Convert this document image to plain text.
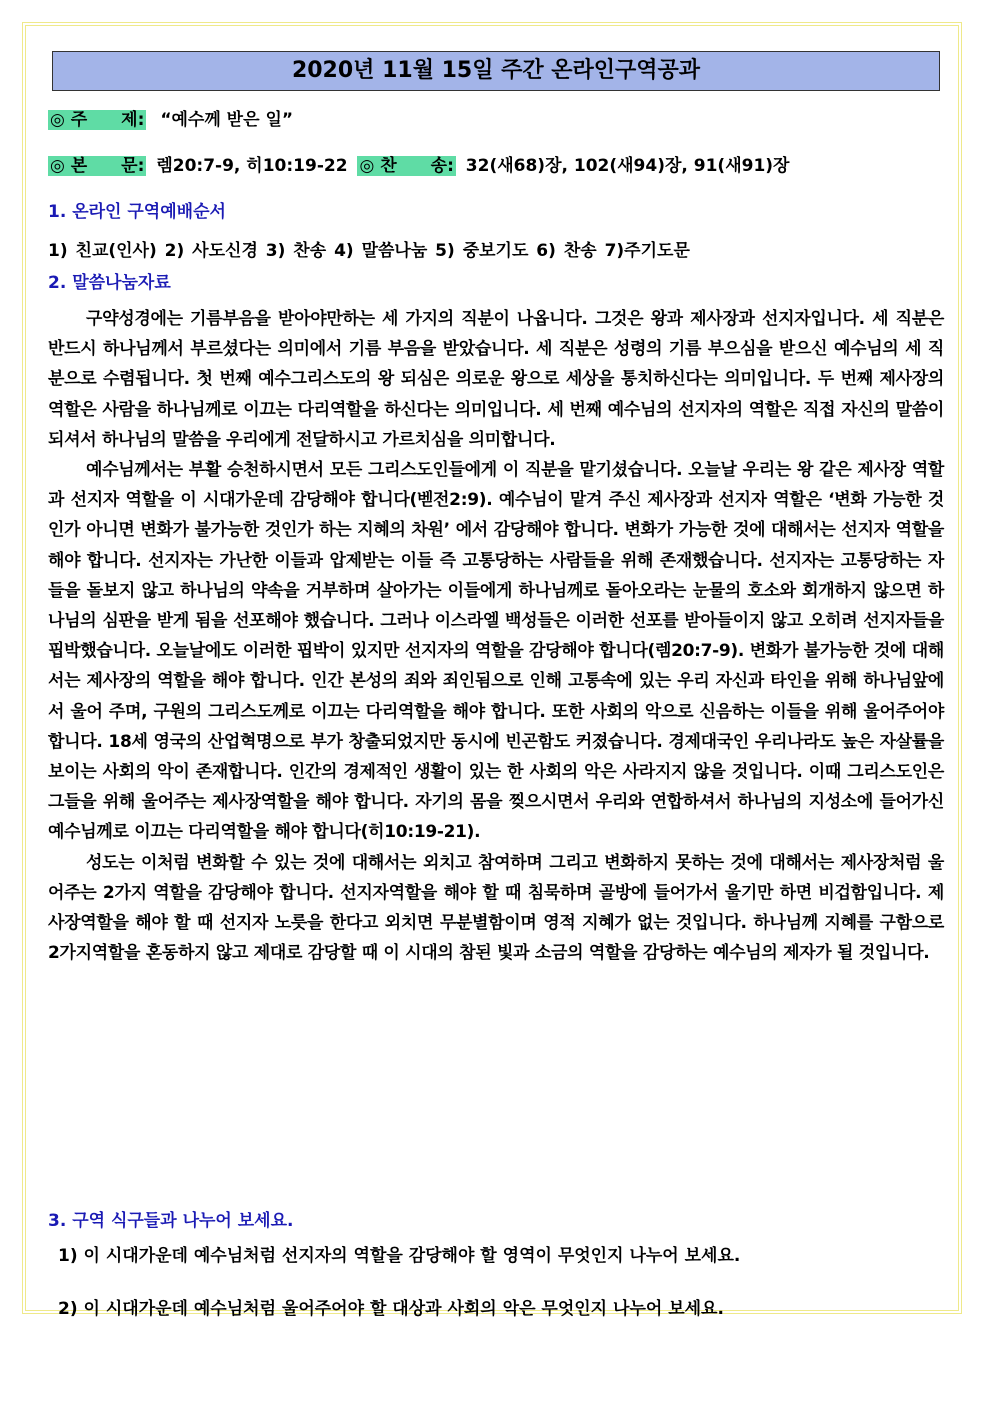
2020년 11월 15일 주간 온라인구역공과
◎ 주　　제: “예수께 받은 일”
◎ 본　　문: 렘20:7-9, 히10:19-22 ◎ 찬　　송: 32(새68)장, 102(새94)장, 91(새91)장
1. 온라인 구역예배순서
1) 친교(인사) 2) 사도신경 3) 찬송 4) 말씀나눔 5) 중보기도 6) 찬송 7)주기도문
2. 말씀나눔자료

구약성경에는 기름부음을 받아야만하는 세 가지의 직분이 나옵니다. 그것은 왕과 제사장과 선지자입니다. 세 직분은 반드시 하나님께서 부르셨다는 의미에서 기름 부음을 받았습니다. 세 직분은 성령의 기름 부으심을 받으신 예수님의 세 직분으로 수렴됩니다. 첫 번째 예수그리스도의 왕 되심은 의로운 왕으로 세상을 통치하신다는 의미입니다. 두 번째 제사장의 역할은 사람을 하나님께로 이끄는 다리역할을 하신다는 의미입니다. 세 번째 예수님의 선지자의 역할은 직접 자신의 말씀이 되셔서 하나님의 말씀을 우리에게 전달하시고 가르치심을 의미합니다.

예수님께서는 부활 승천하시면서 모든 그리스도인들에게 이 직분을 맡기셨습니다. 오늘날 우리는 왕 같은 제사장 역할과 선지자 역할을 이 시대가운데 감당해야 합니다(벧전2:9). 예수님이 맡겨 주신 제사장과 선지자 역할은 ‘변화 가능한 것인가 아니면 변화가 불가능한 것인가 하는 지혜의 차원’ 에서 감당해야 합니다. 변화가 가능한 것에 대해서는 선지자 역할을 해야 합니다. 선지자는 가난한 이들과 압제받는 이들 즉 고통당하는 사람들을 위해 존재했습니다. 선지자는 고통당하는 자들을 돌보지 않고 하나님의 약속을 거부하며 살아가는 이들에게 하나님께로 돌아오라는 눈물의 호소와 회개하지 않으면 하나님의 심판을 받게 됨을 선포해야 했습니다. 그러나 이스라엘 백성들은 이러한 선포를 받아들이지 않고 오히려 선지자들을 핍박했습니다. 오늘날에도 이러한 핍박이 있지만 선지자의 역할을 감당해야 합니다(렘20:7-9). 변화가 불가능한 것에 대해서는 제사장의 역할을 해야 합니다. 인간 본성의 죄와 죄인됨으로 인해 고통속에 있는 우리 자신과 타인을 위해 하나님앞에서 울어 주며, 구원의 그리스도께로 이끄는 다리역할을 해야 합니다. 또한 사회의 악으로 신음하는 이들을 위해 울어주어야 합니다. 18세 영국의 산업혁명으로 부가 창출되었지만 동시에 빈곤함도 커졌습니다. 경제대국인 우리나라도 높은 자살률을 보이는 사회의 악이 존재합니다. 인간의 경제적인 생활이 있는 한 사회의 악은 사라지지 않을 것입니다. 이때 그리스도인은 그들을 위해 울어주는 제사장역할을 해야 합니다. 자기의 몸을 찢으시면서 우리와 연합하셔서 하나님의 지성소에 들어가신 예수님께로 이끄는 다리역할을 해야 합니다(히10:19-21).

성도는 이처럼 변화할 수 있는 것에 대해서는 외치고 참여하며 그리고 변화하지 못하는 것에 대해서는 제사장처럼 울어주는 2가지 역할을 감당해야 합니다. 선지자역할을 해야 할 때 침묵하며 골방에 들어가서 울기만 하면 비겁함입니다. 제사장역할을 해야 할 때 선지자 노릇을 한다고 외치면 무분별함이며 영적 지혜가 없는 것입니다. 하나님께 지혜를 구함으로 2가지역할을 혼동하지 않고 제대로 감당할 때 이 시대의 참된 빛과 소금의 역할을 감당하는 예수님의 제자가 될 것입니다.

3. 구역 식구들과 나누어 보세요.
1) 이 시대가운데 예수님처럼 선지자의 역할을 감당해야 할 영역이 무엇인지 나누어 보세요.
2) 이 시대가운데 예수님처럼 울어주어야 할 대상과 사회의 악은 무엇인지 나누어 보세요.
